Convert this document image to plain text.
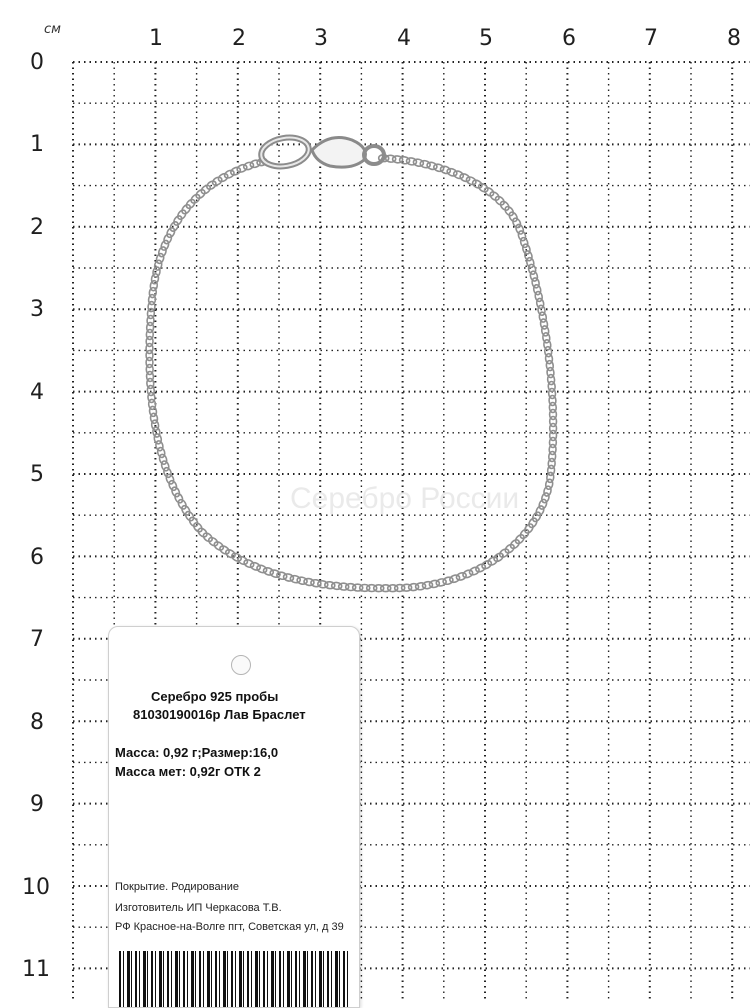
см	1	2	3	4	5	6	7	8
0
1
2
3
4
5
6
7
8
9
10
11
Серебро России
Серебро 925 пробы
81030190016р Лав Браслет
Масса: 0,92 г;Размер:16,0
Масса мет: 0,92г ОТК 2
Покрытие. Родирование
Изготовитель ИП Черкасова Т.В.
РФ Красное-на-Волге пгт, Советская ул, д 39
